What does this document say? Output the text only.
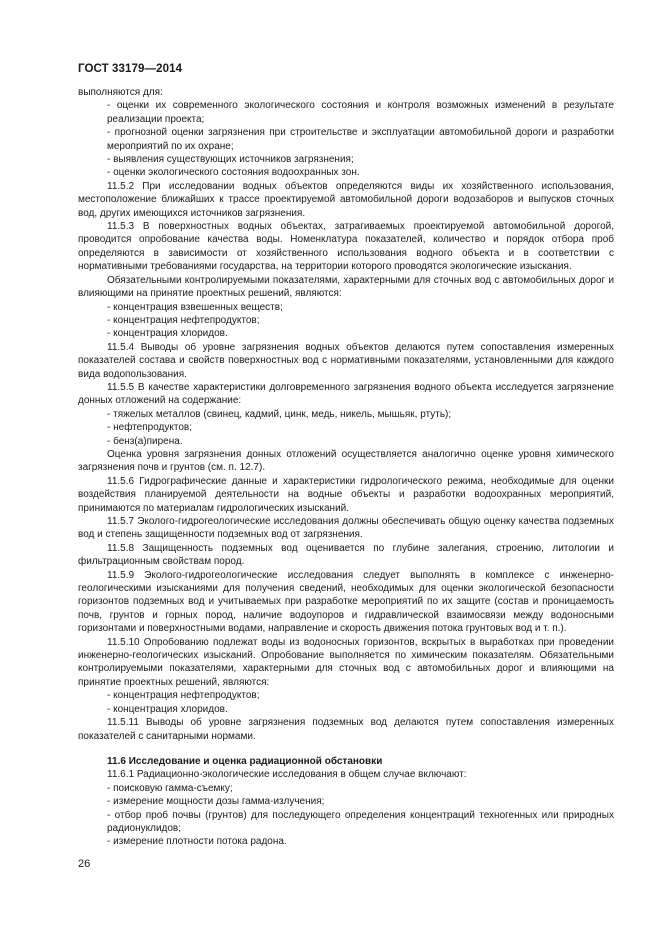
ГОСТ 33179—2014
выполняются для:
- оценки их современного экологического состояния и контроля возможных изменений в результате реализации проекта;
- прогнозной оценки загрязнения при строительстве и эксплуатации автомобильной дороги и разработки мероприятий по их охране;
- выявления существующих источников загрязнения;
- оценки экологического состояния водоохранных зон.
11.5.2 При исследовании водных объектов определяются виды их хозяйственного использования, местоположение ближайших к трассе проектируемой автомобильной дороги водозаборов и выпусков сточных вод, других имеющихся источников загрязнения.
11.5.3 В поверхностных водных объектах, затрагиваемых проектируемой автомобильной дорогой, проводится опробование качества воды. Номенклатура показателей, количество и порядок отбора проб определяются в зависимости от хозяйственного использования водного объекта и в соответствии с нормативными требованиями государства, на территории которого проводятся экологические изыскания.
Обязательными контролируемыми показателями, характерными для сточных вод с автомобильных дорог и влияющими на принятие проектных решений, являются:
- концентрация взвешенных веществ;
- концентрация нефтепродуктов;
- концентрация хлоридов.
11.5.4 Выводы об уровне загрязнения водных объектов делаются путем сопоставления измеренных показателей состава и свойств поверхностных вод с нормативными показателями, установленными для каждого вида водопользования.
11.5.5 В качестве характеристики долговременного загрязнения водного объекта исследуется загрязнение донных отложений на содержание:
- тяжелых металлов (свинец, кадмий, цинк, медь, никель, мышьяк, ртуть);
- нефтепродуктов;
- бенз(а)пирена.
Оценка уровня загрязнения донных отложений осуществляется аналогично оценке уровня химического загрязнения почв и грунтов (см. п. 12.7).
11.5.6 Гидрографические данные и характеристики гидрологического режима, необходимые для оценки воздействия планируемой деятельности на водные объекты и разработки водоохранных мероприятий, принимаются по материалам гидрологических изысканий.
11.5.7 Эколого-гидрогеологические исследования должны обеспечивать общую оценку качества подземных вод и степень защищенности подземных вод от загрязнения.
11.5.8 Защищенность подземных вод оценивается по глубине залегания, строению, литологии и фильтрационным свойствам пород.
11.5.9 Эколого-гидрогеологические исследования следует выполнять в комплексе с инженерно-геологическими изысканиями для получения сведений, необходимых для оценки экологической безопасности горизонтов подземных вод и учитываемых при разработке мероприятий по их защите (состав и проницаемость почв, грунтов и горных пород, наличие водоупоров и гидравлической взаимосвязи между водоносными горизонтами и поверхностными водами, направление и скорость движения потока грунтовых вод и т. п.).
11.5.10 Опробованию подлежат воды из водоносных горизонтов, вскрытых в выработках при проведении инженерно-геологических изысканий. Опробование выполняется по химическим показателям. Обязательными контролируемыми показателями, характерными для сточных вод с автомобильных дорог и влияющими на принятие проектных решений, являются:
- концентрация нефтепродуктов;
- концентрация хлоридов.
11.5.11 Выводы об уровне загрязнения подземных вод делаются путем сопоставления измеренных показателей с санитарными нормами.
11.6 Исследование и оценка радиационной обстановки
11.6.1 Радиационно-экологические исследования в общем случае включают:
- поисковую гамма-съемку;
- измерение мощности дозы гамма-излучения;
- отбор проб почвы (грунтов) для последующего определения концентраций техногенных или природных радионуклидов;
- измерение плотности потока радона.
26
